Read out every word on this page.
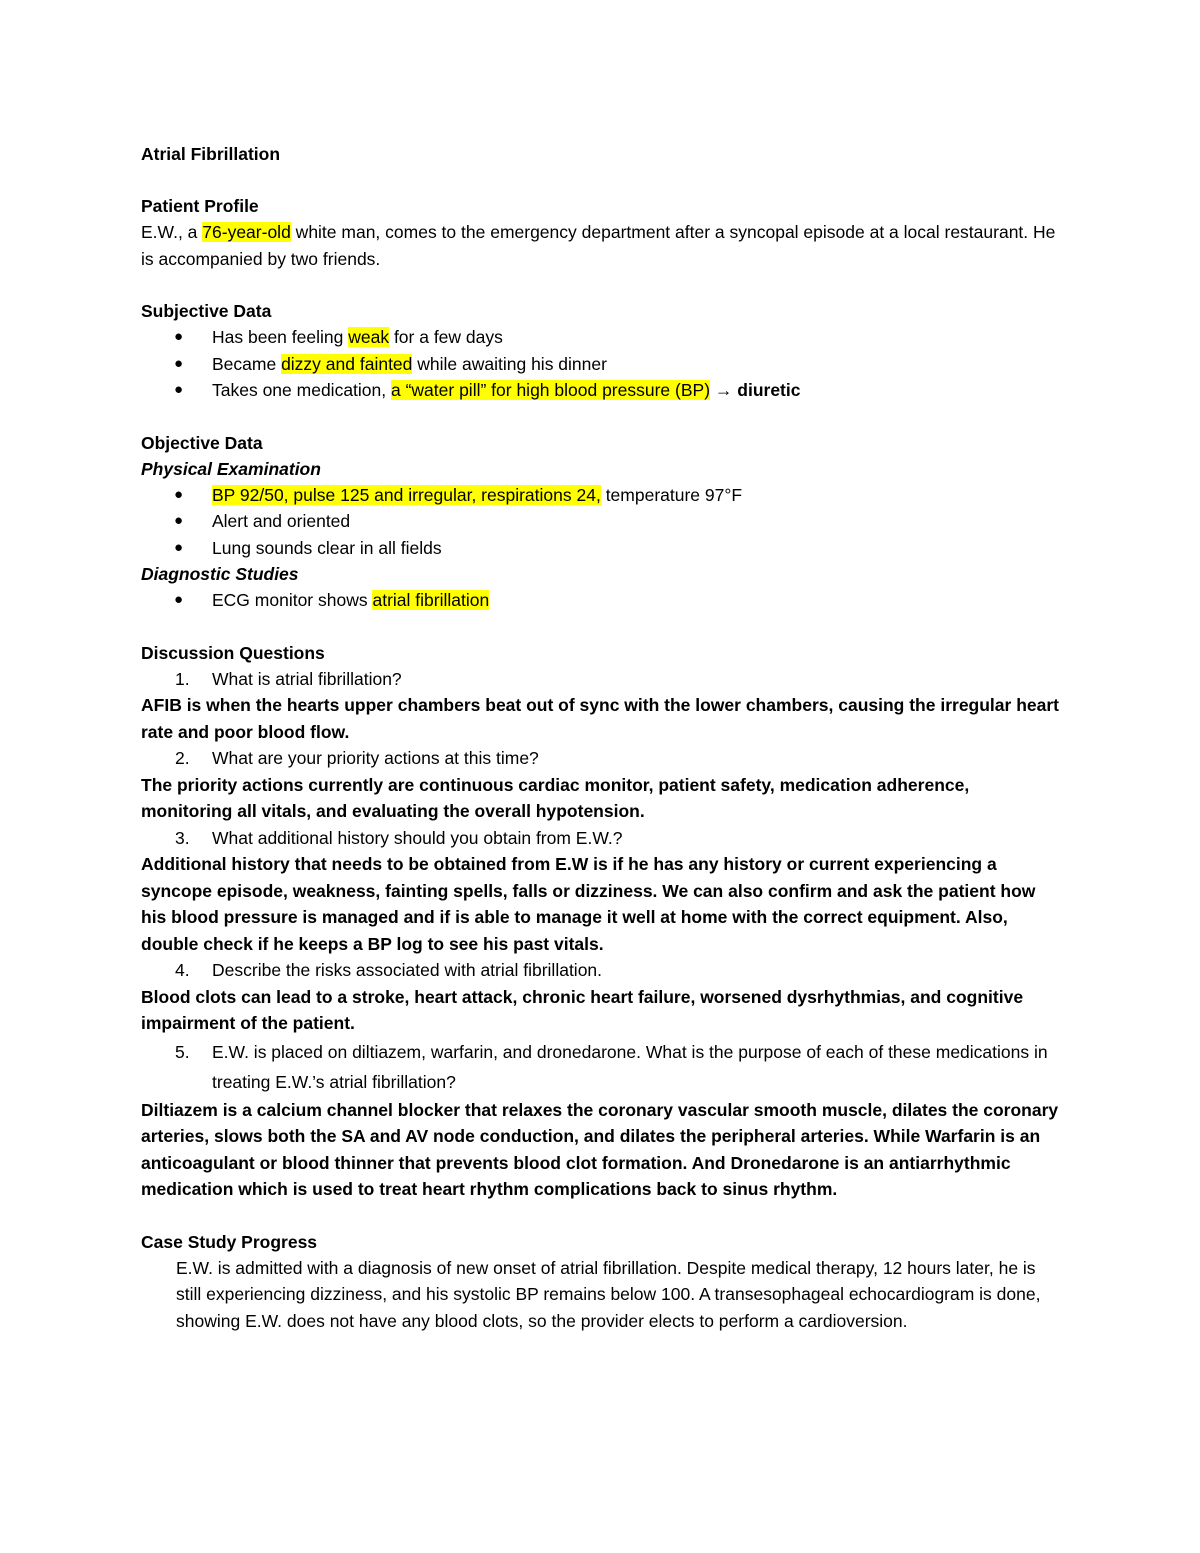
Atrial Fibrillation
Patient Profile

E.W., a 76-year-old white man, comes to the emergency department after a syncopal episode at a local restaurant. He is accompanied by two friends.

Subjective Data
● Has been feeling weak for a few days
● Became dizzy and fainted while awaiting his dinner
● Takes one medication, a “water pill” for high blood pressure (BP) → diuretic
Objective Data
Physical Examination
● BP 92/50, pulse 125 and irregular, respirations 24, temperature 97°F
● Alert and oriented
● Lung sounds clear in all fields
Diagnostic Studies
● ECG monitor shows atrial fibrillation
Discussion Questions
1. What is atrial fibrillation?
AFIB is when the hearts upper chambers beat out of sync with the lower chambers, causing the irregular heart rate and poor blood flow.
2. What are your priority actions at this time?
The priority actions currently are continuous cardiac monitor, patient safety, medication adherence, monitoring all vitals, and evaluating the overall hypotension.
3. What additional history should you obtain from E.W.?
Additional history that needs to be obtained from E.W is if he has any history or current experiencing a syncope episode, weakness, fainting spells, falls or dizziness. We can also confirm and ask the patient how his blood pressure is managed and if is able to manage it well at home with the correct equipment. Also, double check if he keeps a BP log to see his past vitals.
4. Describe the risks associated with atrial fibrillation.
Blood clots can lead to a stroke, heart attack, chronic heart failure, worsened dysrhythmias, and cognitive impairment of the patient.
5. E.W. is placed on diltiazem, warfarin, and dronedarone. What is the purpose of each of these medications in treating E.W.’s atrial fibrillation?
Diltiazem is a calcium channel blocker that relaxes the coronary vascular smooth muscle, dilates the coronary arteries, slows both the SA and AV node conduction, and dilates the peripheral arteries. While Warfarin is an anticoagulant or blood thinner that prevents blood clot formation. And Dronedarone is an antiarrhythmic medication which is used to treat heart rhythm complications back to sinus rhythm.
Case Study Progress

E.W. is admitted with a diagnosis of new onset of atrial fibrillation. Despite medical therapy, 12 hours later, he is still experiencing dizziness, and his systolic BP remains below 100. A transesophageal echocardiogram is done, showing E.W. does not have any blood clots, so the provider elects to perform a cardioversion.
